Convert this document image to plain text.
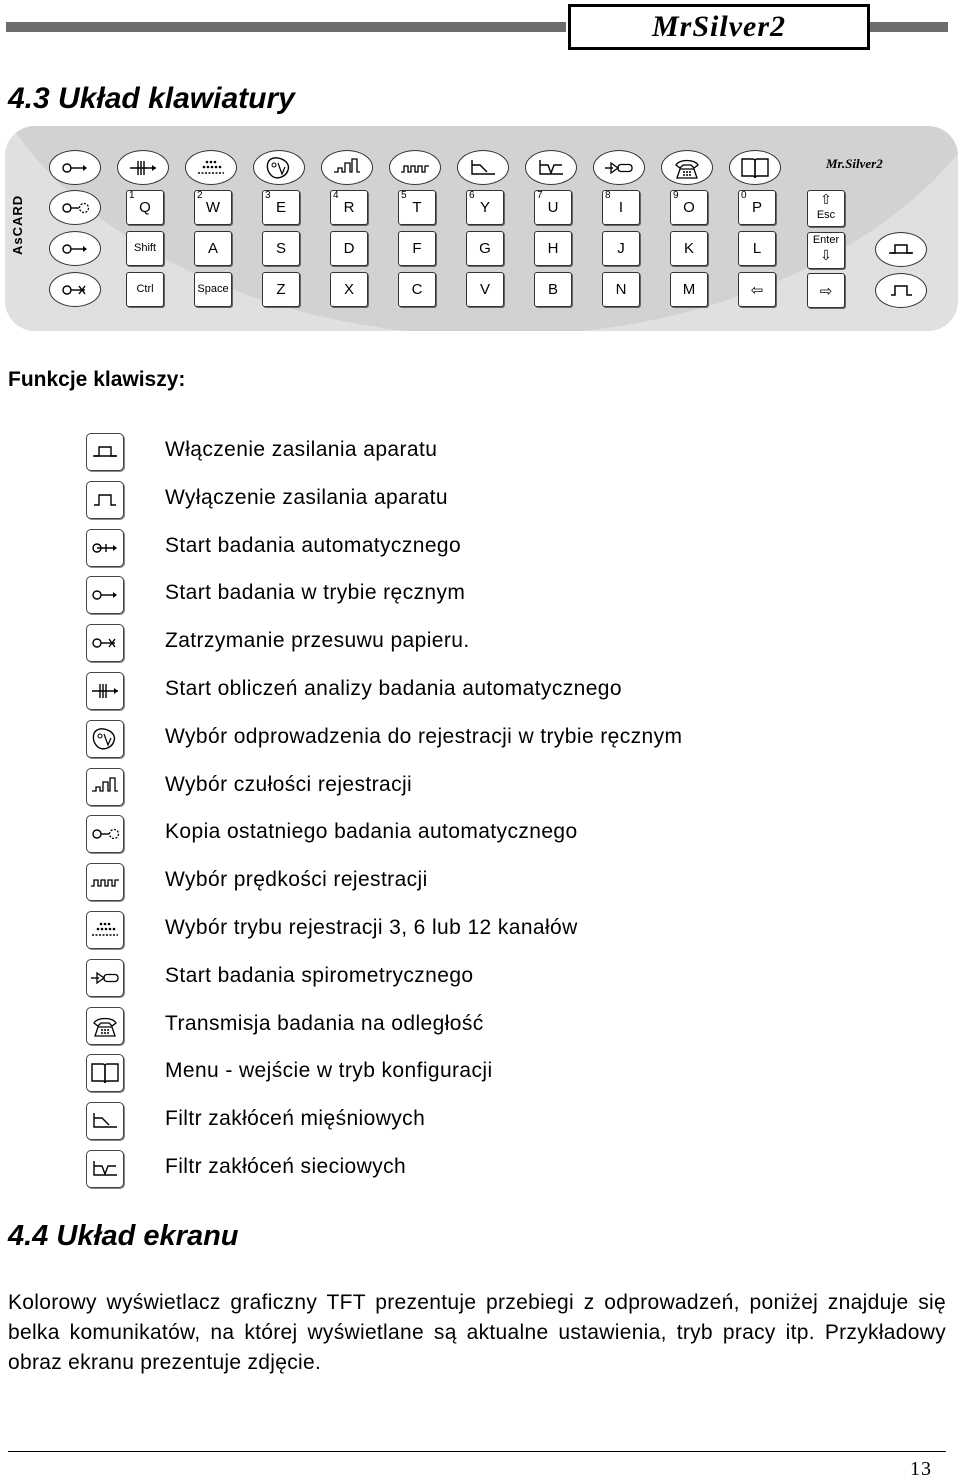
MrSilver2
4.3 Układ klawiatury
AsCARD
Mr.Silver2
1
Q
2
W
3
E
4
R
5
T
6
Y
7
U
8
I
9
O
0
P
Shift	A	S	D	F	G	H	J	K	L
Ctrl	Space	Z	X	C	V	B	N	M	⇦
⇧
Esc
Enter
⇩
⇨
Funkcje klawiszy:
Włączenie zasilania aparatu
Wyłączenie zasilania aparatu
Start badania automatycznego
Start badania w trybie ręcznym
Zatrzymanie przesuwu papieru.
Start obliczeń analizy badania automatycznego
Wybór odprowadzenia do rejestracji w trybie ręcznym
Wybór czułości rejestracji
Kopia ostatniego badania automatycznego
Wybór prędkości rejestracji
Wybór trybu rejestracji 3, 6 lub 12 kanałów
Start badania spirometrycznego
Transmisja badania na odległość
Menu - wejście w tryb konfiguracji
Filtr zakłóceń mięśniowych
Filtr zakłóceń sieciowych
4.4 Układ ekranu
Kolorowy wyświetlacz graficzny TFT prezentuje przebiegi z odprowadzeń, poniżej znajduje się belka komunikatów, na której wyświetlane są aktualne ustawienia, tryb pracy itp. Przykładowy obraz ekranu prezentuje zdjęcie.
13
